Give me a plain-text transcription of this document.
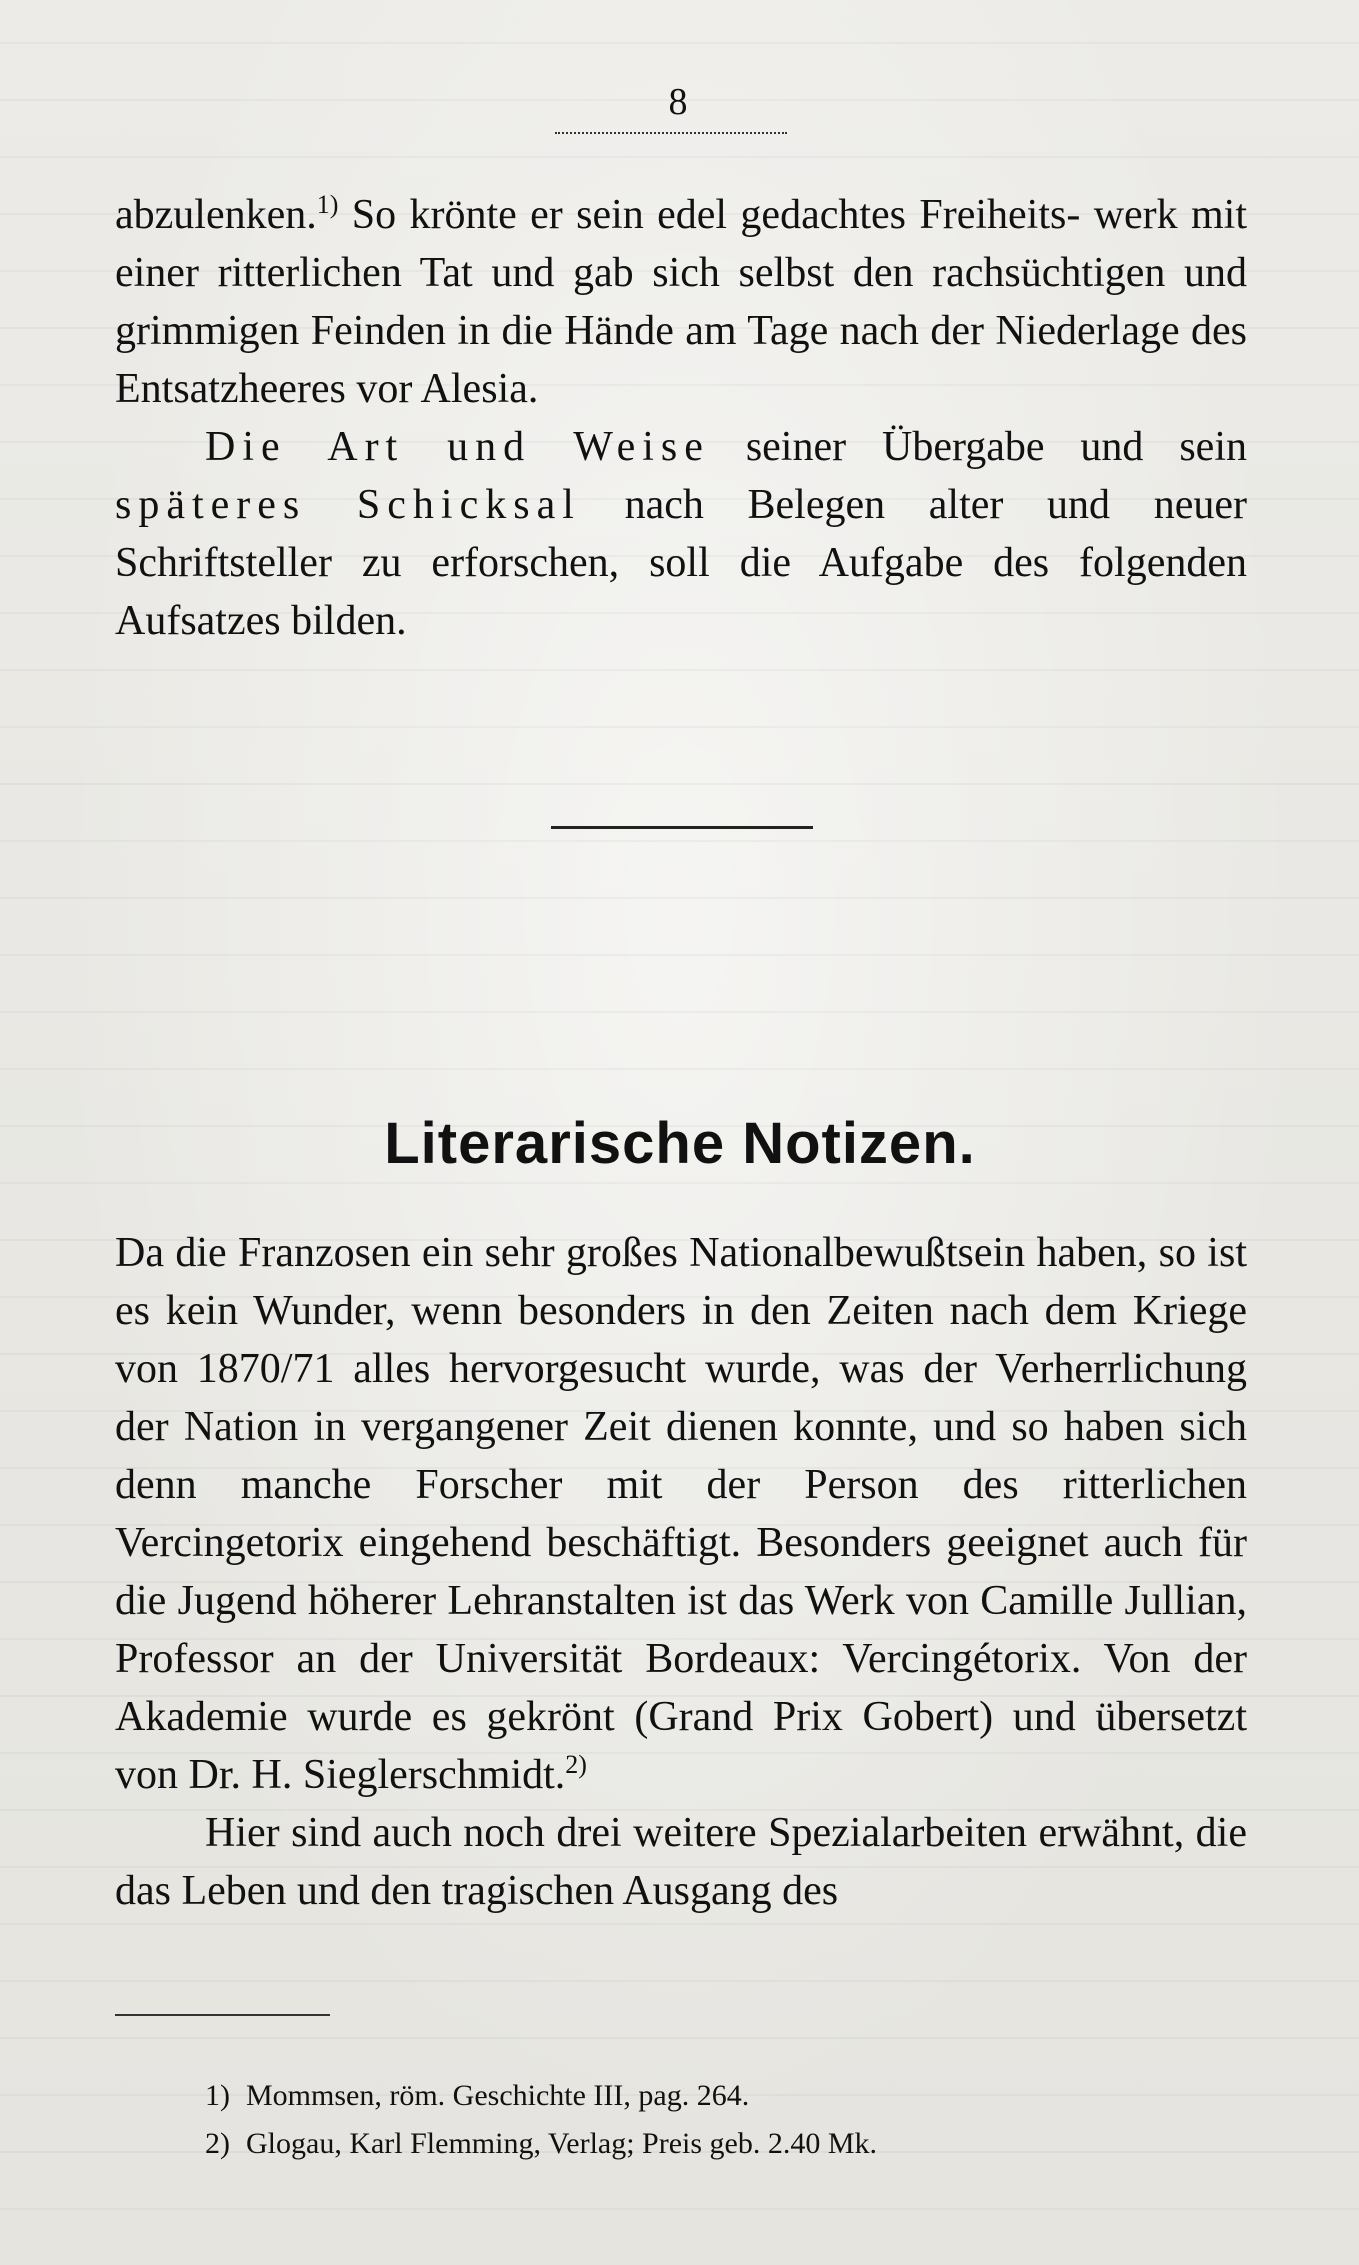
8

abzulenken.$^{1)}$ So krönte er sein edel gedachtes Freiheits- werk mit einer ritterlichen Tat und gab sich selbst den rachsüchtigen und grimmigen Feinden in die Hände am Tage nach der Niederlage des Entsatzheeres vor Alesia.

Die Art und Weise seiner Übergabe und sein späteres Schicksal nach Belegen alter und neuer Schriftsteller zu erforschen, soll die Aufgabe des folgenden Aufsatzes bilden.

Literarische Notizen.

Da die Franzosen ein sehr großes Nationalbewußtsein haben, so ist es kein Wunder, wenn besonders in den Zeiten nach dem Kriege von 1870/71 alles hervorgesucht wurde, was der Verherrlichung der Nation in vergangener Zeit dienen konnte, und so haben sich denn manche Forscher mit der Person des ritterlichen Vercingetorix eingehend beschäftigt. Besonders geeignet auch für die Jugend höherer Lehranstalten ist das Werk von Camille Jullian, Professor an der Universität Bordeaux: Vercingétorix. Von der Akademie wurde es gekrönt (Grand Prix Gobert) und übersetzt von Dr. H. Sieglerschmidt.$^{2)}$

Hier sind auch noch drei weitere Spezialarbeiten erwähnt, die das Leben und den tragischen Ausgang des

1) Mommsen, röm. Geschichte III, pag. 264.
2) Glogau, Karl Flemming, Verlag; Preis geb. 2.40 Mk.
